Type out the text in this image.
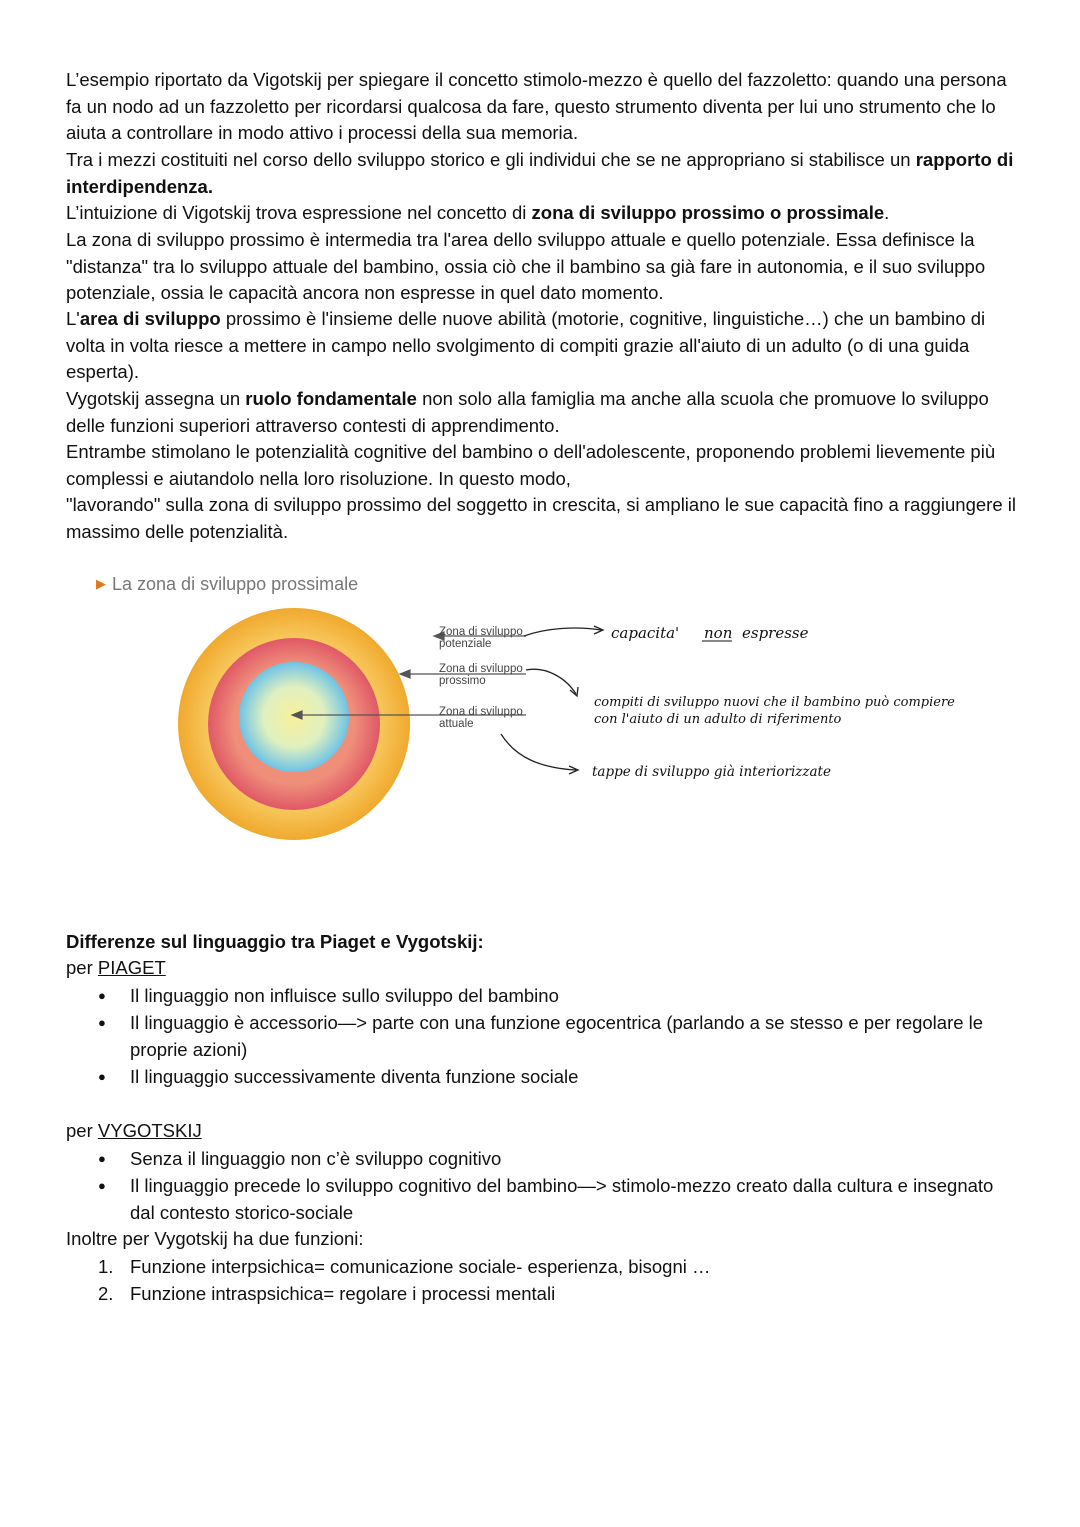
L’esempio riportato da Vigotskij per spiegare il concetto stimolo-mezzo è quello del fazzoletto: quando una persona fa un nodo ad un fazzoletto per ricordarsi qualcosa da fare, questo strumento diventa per lui uno strumento che lo aiuta a controllare in modo attivo i processi della sua memoria.

Tra i mezzi costituiti nel corso dello sviluppo storico e gli individui che se ne appropriano si stabilisce un rapporto di interdipendenza.

L’intuizione di Vigotskij trova espressione nel concetto di zona di sviluppo prossimo o prossimale.

La zona di sviluppo prossimo è intermedia tra l'area dello sviluppo attuale e quello potenziale. Essa definisce la "distanza" tra lo sviluppo attuale del bambino, ossia ciò che il bambino sa già fare in autonomia, e il suo sviluppo potenziale, ossia le capacità ancora non espresse in quel dato momento.

L'area di sviluppo prossimo è l'insieme delle nuove abilità (motorie, cognitive, linguistiche…) che un bambino di volta in volta riesce a mettere in campo nello svolgimento di compiti grazie all'aiuto di un adulto (o di una guida esperta).

Vygotskij assegna un ruolo fondamentale non solo alla famiglia ma anche alla scuola che promuove lo sviluppo delle funzioni superiori attraverso contesti di apprendimento.

Entrambe stimolano le potenzialità cognitive del bambino o dell'adolescente, proponendo problemi lievemente più complessi e aiutandolo nella loro risoluzione. In questo modo,

"lavorando" sulla zona di sviluppo prossimo del soggetto in crescita, si ampliano le sue capacità fino a raggiungere il massimo delle potenzialità.

▶ La zona di sviluppo prossimale
Zona di sviluppo
potenziale
Zona di sviluppo
prossimo
Zona di sviluppo
attuale
capacita' non espresse
compiti di sviluppo nuovi che il bambino può compiere
con l'aiuto di un adulto di riferimento
tappe di sviluppo già interiorizzate

Differenze sul linguaggio tra Piaget e Vygotskij:

per PIAGET

● Il linguaggio non influisce sullo sviluppo del bambino
● Il linguaggio è accessorio—> parte con una funzione egocentrica (parlando a se stesso e per regolare le proprie azioni)
● Il linguaggio successivamente diventa funzione sociale

per VYGOTSKIJ

● Senza il linguaggio non c’è sviluppo cognitivo
● Il linguaggio precede lo sviluppo cognitivo del bambino—> stimolo-mezzo creato dalla cultura e insegnato dal contesto storico-sociale

Inoltre per Vygotskij ha due funzioni:

1. Funzione interpsichica= comunicazione sociale- esperienza, bisogni …
2. Funzione intraspsichica= regolare i processi mentali
